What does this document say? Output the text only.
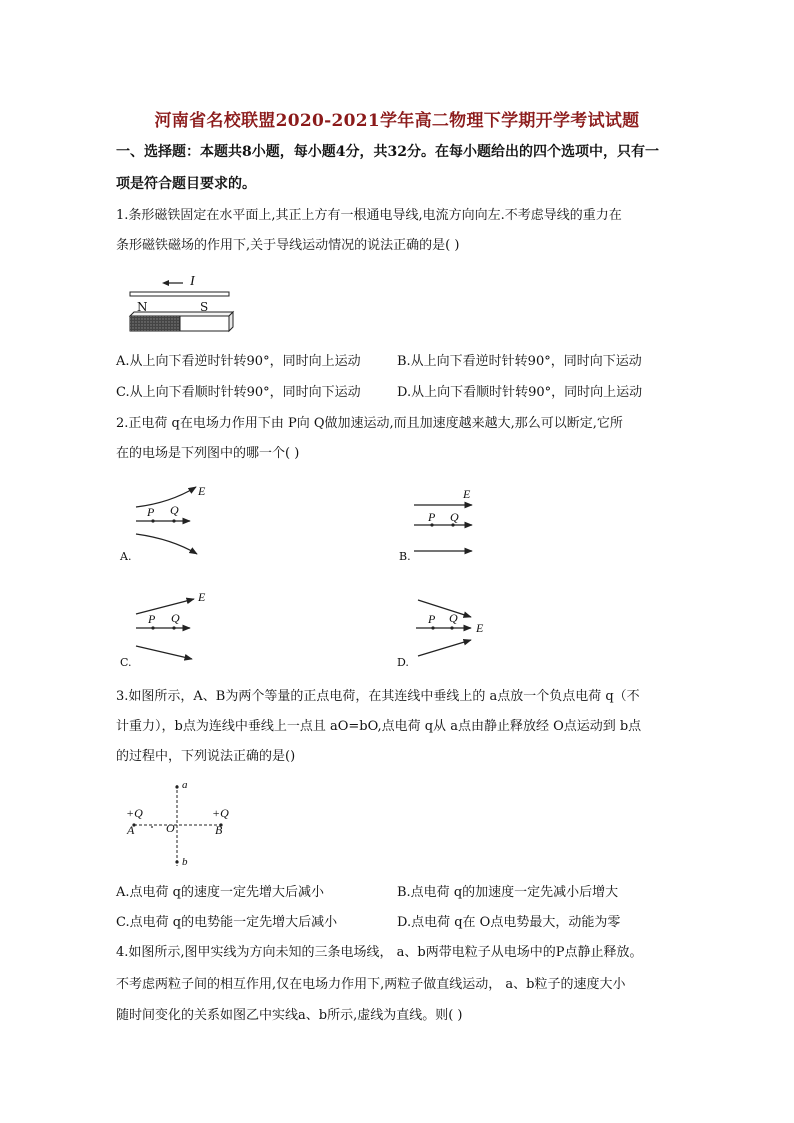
河南省名校联盟2020-2021学年高二物理下学期开学考试试题
一、选择题：本题共8小题，每小题4分，共32分。在每小题给出的四个选项中，只有一
项是符合题目要求的。
1.条形磁铁固定在水平面上,其正上方有一根通电导线,电流方向向左.不考虑导线的重力在
条形磁铁磁场的作用下,关于导线运动情况的说法正确的是( )
I
N	S
A.从上向下看逆时针转90°，同时向上运动	B.从上向下看逆时针转90°，同时向下运动
C.从上向下看顺时针转90°，同时向下运动	D.从上向下看顺时针转90°，同时向上运动
2.正电荷 q在电场力作用下由 P向 Q做加速运动,而且加速度越来越大,那么可以断定,它所
在的电场是下列图中的哪一个( )
E
P Q
A.
E
P Q
B.
E
P Q
C.
E
P Q
D.
3.如图所示，A、B为两个等量的正点电荷，在其连线中垂线上的 a点放一个负点电荷 q（不
计重力），b点为连线中垂线上一点且 aO=bO,点电荷 q从 a点由静止释放经 O点运动到 b点
的过程中，下列说法正确的是()
a
b
+Q	+Q
A	O	B
A.点电荷 q的速度一定先增大后减小	B.点电荷 q的加速度一定先减小后增大
C.点电荷 q的电势能一定先增大后减小	D.点电荷 q在 O点电势最大，动能为零
4.如图所示,图甲实线为方向未知的三条电场线， a、b两带电粒子从电场中的P点静止释放。
不考虑两粒子间的相互作用,仅在电场力作用下,两粒子做直线运动， a、b粒子的速度大小
随时间变化的关系如图乙中实线a、b所示,虚线为直线。则( )
